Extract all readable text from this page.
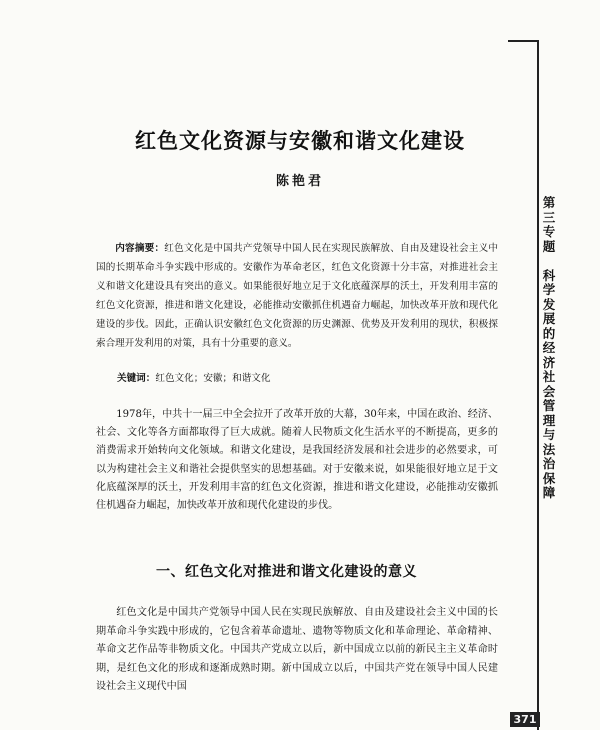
第三专题

科学发展的经济社会管理与法治保障
红色文化资源与安徽和谐文化建设
陈艳君
内容摘要：红色文化是中国共产党领导中国人民在实现民族解放、自由及建设社会主义中国的长期革命斗争实践中形成的。安徽作为革命老区，红色文化资源十分丰富，对推进社会主义和谐文化建设具有突出的意义。如果能很好地立足于文化底蕴深厚的沃土，开发利用丰富的红色文化资源，推进和谐文化建设，必能推动安徽抓住机遇奋力崛起，加快改革开放和现代化建设的步伐。因此，正确认识安徽红色文化资源的历史渊源、优势及开发利用的现状，积极探索合理开发利用的对策，具有十分重要的意义。
关键词：红色文化；安徽；和谐文化
1978年，中共十一届三中全会拉开了改革开放的大幕，30年来，中国在政治、经济、社会、文化等各方面都取得了巨大成就。随着人民物质文化生活水平的不断提高，更多的消费需求开始转向文化领域。和谐文化建设，是我国经济发展和社会进步的必然要求，可以为构建社会主义和谐社会提供坚实的思想基础。对于安徽来说，如果能很好地立足于文化底蕴深厚的沃土，开发利用丰富的红色文化资源，推进和谐文化建设，必能推动安徽抓住机遇奋力崛起，加快改革开放和现代化建设的步伐。
一、红色文化对推进和谐文化建设的意义
红色文化是中国共产党领导中国人民在实现民族解放、自由及建设社会主义中国的长期革命斗争实践中形成的，它包含着革命遗址、遗物等物质文化和革命理论、革命精神、革命文艺作品等非物质文化。中国共产党成立以后，新中国成立以前的新民主主义革命时期，是红色文化的形成和逐渐成熟时期。新中国成立以后，中国共产党在领导中国人民建设社会主义现代中国
371
